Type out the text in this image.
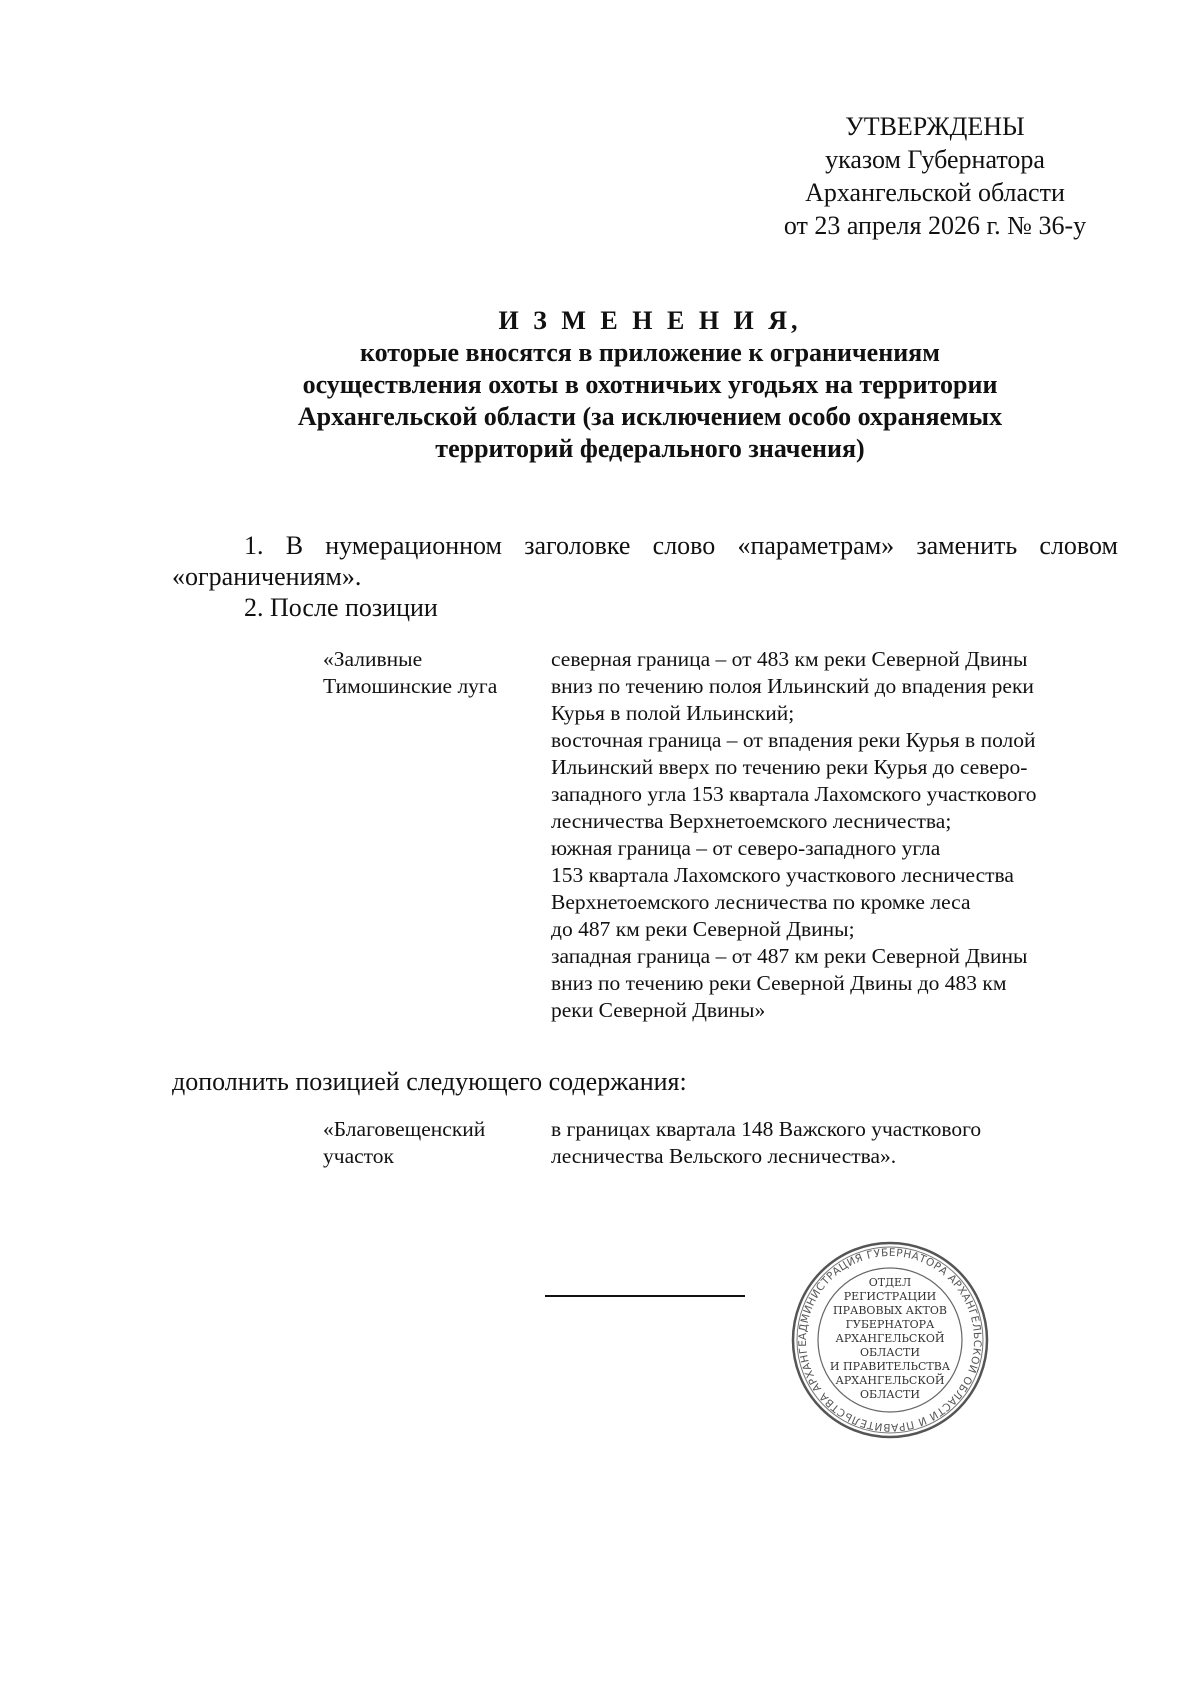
УТВЕРЖДЕНЫ
указом Губернатора
Архангельской области
от 23 апреля 2026 г. № 36-у
И З М Е Н Е Н И Я,
которые вносятся в приложение к ограничениям
осуществления охоты в охотничьих угодьях на территории
Архангельской области (за исключением особо охраняемых
территорий федерального значения)
1. В нумерационном заголовке слово «параметрам» заменить словом «ограничениям».
2. После позиции
«Заливные
Тимошинские луга
северная граница – от 483 км реки Северной Двины
вниз по течению полоя Ильинский до впадения реки
Курья в полой Ильинский;
восточная граница – от впадения реки Курья в полой
Ильинский вверх по течению реки Курья до северо-
западного угла 153 квартала Лахомского участкового
лесничества Верхнетоемского лесничества;
южная граница – от северо-западного угла
153 квартала Лахомского участкового лесничества
Верхнетоемского лесничества по кромке леса
до 487 км реки Северной Двины;
западная граница – от 487 км реки Северной Двины
вниз по течению реки Северной Двины до 483 км
реки Северной Двины»
дополнить позицией следующего содержания:
«Благовещенский
участок
в границах квартала 148 Важского участкового
лесничества Вельского лесничества».
АДМИНИСТРАЦИЯ ГУБЕРНАТОРА АРХАНГЕЛЬСКОЙ ОБЛАСТИ И ПРАВИТЕЛЬСТВА АРХАНГЕ
ОТДЕЛ
РЕГИСТРАЦИИ
ПРАВОВЫХ АКТОВ
ГУБЕРНАТОРА
АРХАНГЕЛЬСКОЙ
ОБЛАСТИ
И ПРАВИТЕЛЬСТВА
АРХАНГЕЛЬСКОЙ
ОБЛАСТИ
